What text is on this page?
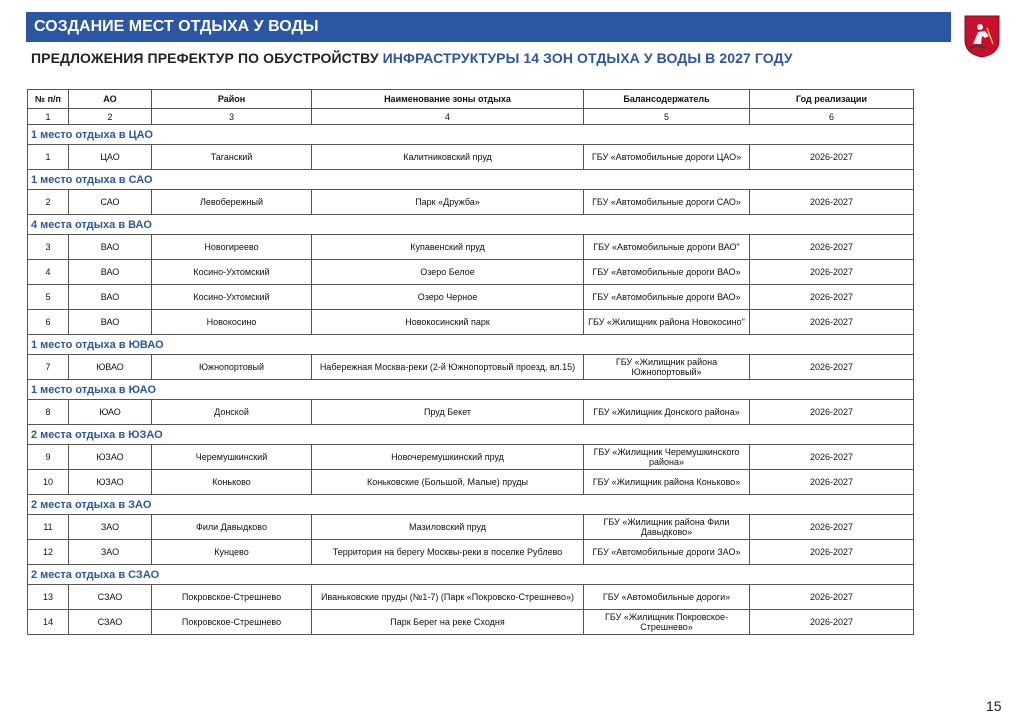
СОЗДАНИЕ МЕСТ ОТДЫХА У ВОДЫ
ПРЕДЛОЖЕНИЯ ПРЕФЕКТУР ПО ОБУСТРОЙСТВУ ИНФРАСТРУКТУРЫ 14 ЗОН ОТДЫХА У ВОДЫ В 2027 ГОДУ
№ п/п	АО	Район	Наименование зоны отдыха	Балансодержатель	Год реализации
1	2	3	4	5	6
1 место отдыха в ЦАО					
1	ЦАО	Таганский	Калитниковский пруд	ГБУ «Автомобильные дороги ЦАО»	2026-2027
1 место отдыха в САО					
2	САО	Левобережный	Парк «Дружба»	ГБУ «Автомобильные дороги САО»	2026-2027
4 места отдыха в ВАО					
3	ВАО	Новогиреево	Купавенский пруд	ГБУ «Автомобильные дороги ВАО"	2026-2027
4	ВАО	Косино-Ухтомский	Озеро Белое	ГБУ «Автомобильные дороги ВАО»	2026-2027
5	ВАО	Косино-Ухтомский	Озеро Черное	ГБУ «Автомобильные дороги ВАО»	2026-2027
6	ВАО	Новокосино	Новокосинский парк	ГБУ «Жилищник района Новокосино"	2026-2027
1 место отдыха в ЮВАО					
7	ЮВАО	Южнопортовый	Набережная Москва-реки (2-й Южнопортовый проезд, вл.15)	ГБУ «Жилищник района Южнопортовый»	2026-2027
1 место отдыха в ЮАО					
8	ЮАО	Донской	Пруд Бекет	ГБУ «Жилищник Донского района»	2026-2027
2 места отдыха в ЮЗАО					
9	ЮЗАО	Черемушкинский	Новочеремушкинский пруд	ГБУ «Жилищник Черемушкинского района»	2026-2027
10	ЮЗАО	Коньково	Коньковские (Большой, Малые) пруды	ГБУ «Жилищник района Коньково»	2026-2027
2 места отдыха в ЗАО					
11	ЗАО	Фили Давыдково	Мазиловский пруд	ГБУ «Жилищник района Фили Давыдково»	2026-2027
12	ЗАО	Кунцево	Территория на берегу Москвы-реки в поселке Рублево	ГБУ «Автомобильные дороги ЗАО»	2026-2027
2 места отдыха в СЗАО					
13	СЗАО	Покровское-Стрешнево	Иваньковские пруды (№1-7) (Парк «Покровско-Стрешнево»)	ГБУ «Автомобильные дороги»	2026-2027
14	СЗАО	Покровское-Стрешнево	Парк Берег на реке Сходня	ГБУ «Жилищник Покровское-Стрешнево»	2026-2027
15
